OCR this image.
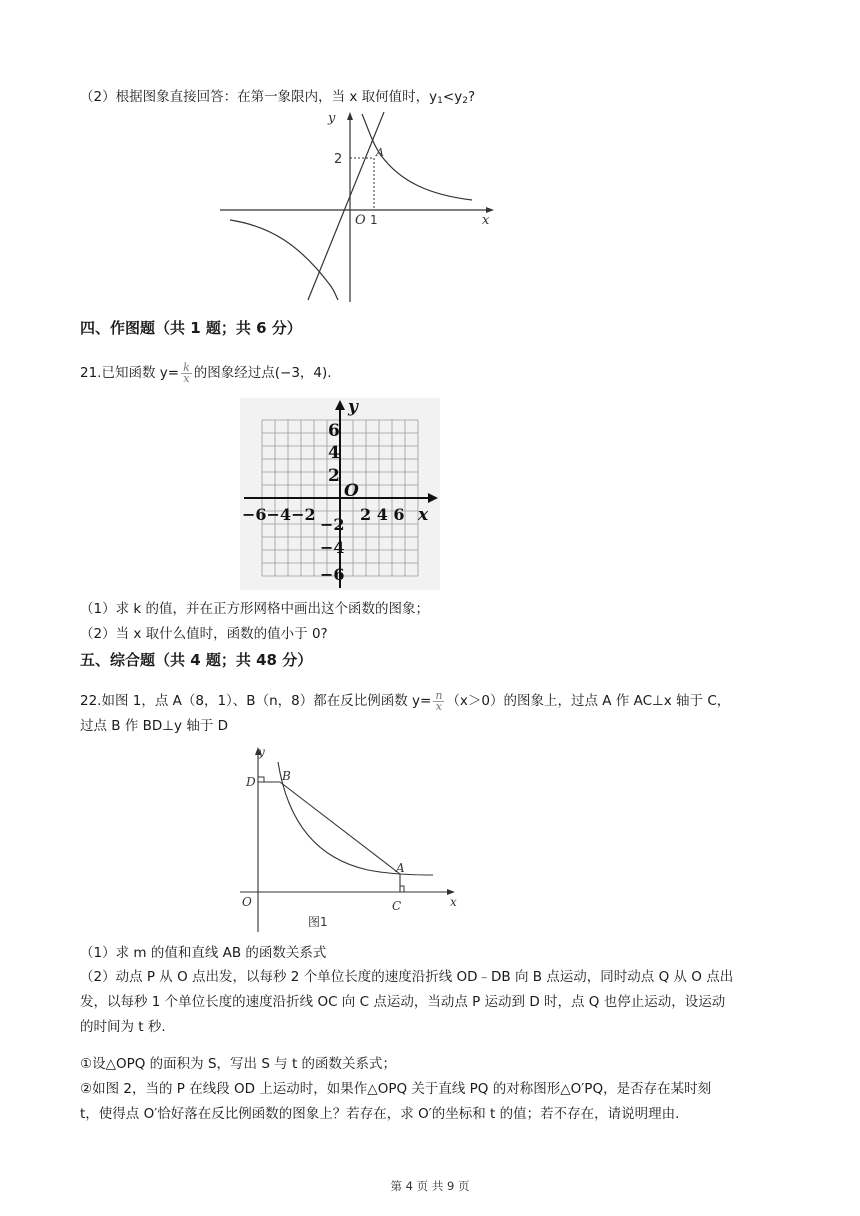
（2）根据图象直接回答：在第一象限内，当 x 取何值时，$y_1<y_2$?
y
x
2	A
O 1
四、作图题（共 1 题；共 6 分）
21.已知函数 $y= \frac{k}{x}$ 的图象经过点(−3，4).
6
4
2
−2
−4
−6
−6−4−2	2 4 6
O
y
x
（1）求 k 的值，并在正方形网格中画出这个函数的图象；
（2）当 x 取什么值时，函数的值小于 0?
五、综合题（共 4 题；共 48 分）
22.如图 1，点 A（8，1）、B（n，8）都在反比例函数 $y= \frac{n}{x} (x>0)$的图象上，过点 A 作 AC⊥x 轴于 C，
过点 B 作 BD⊥y 轴于 D
y
x
D B
A
O	C
图1
（1）求 m 的值和直线 AB 的函数关系式
（2）动点 P 从 O 点出发，以每秒 2 个单位长度的速度沿折线 OD﹣DB 向 B 点运动，同时动点 Q 从 O 点出
发，以每秒 1 个单位长度的速度沿折线 OC 向 C 点运动，当动点 P 运动到 D 时，点 Q 也停止运动，设运动
的时间为 t 秒.
①设△OPQ 的面积为 S，写出 S 与 t 的函数关系式；
②如图 2，当的 P 在线段 OD 上运动时，如果作△OPQ 关于直线 PQ 的对称图形△O′PQ，是否存在某时刻
t，使得点 O′恰好落在反比例函数的图象上？若存在，求 O′的坐标和 t 的值；若不存在，请说明理由.
第 4 页 共 9 页
